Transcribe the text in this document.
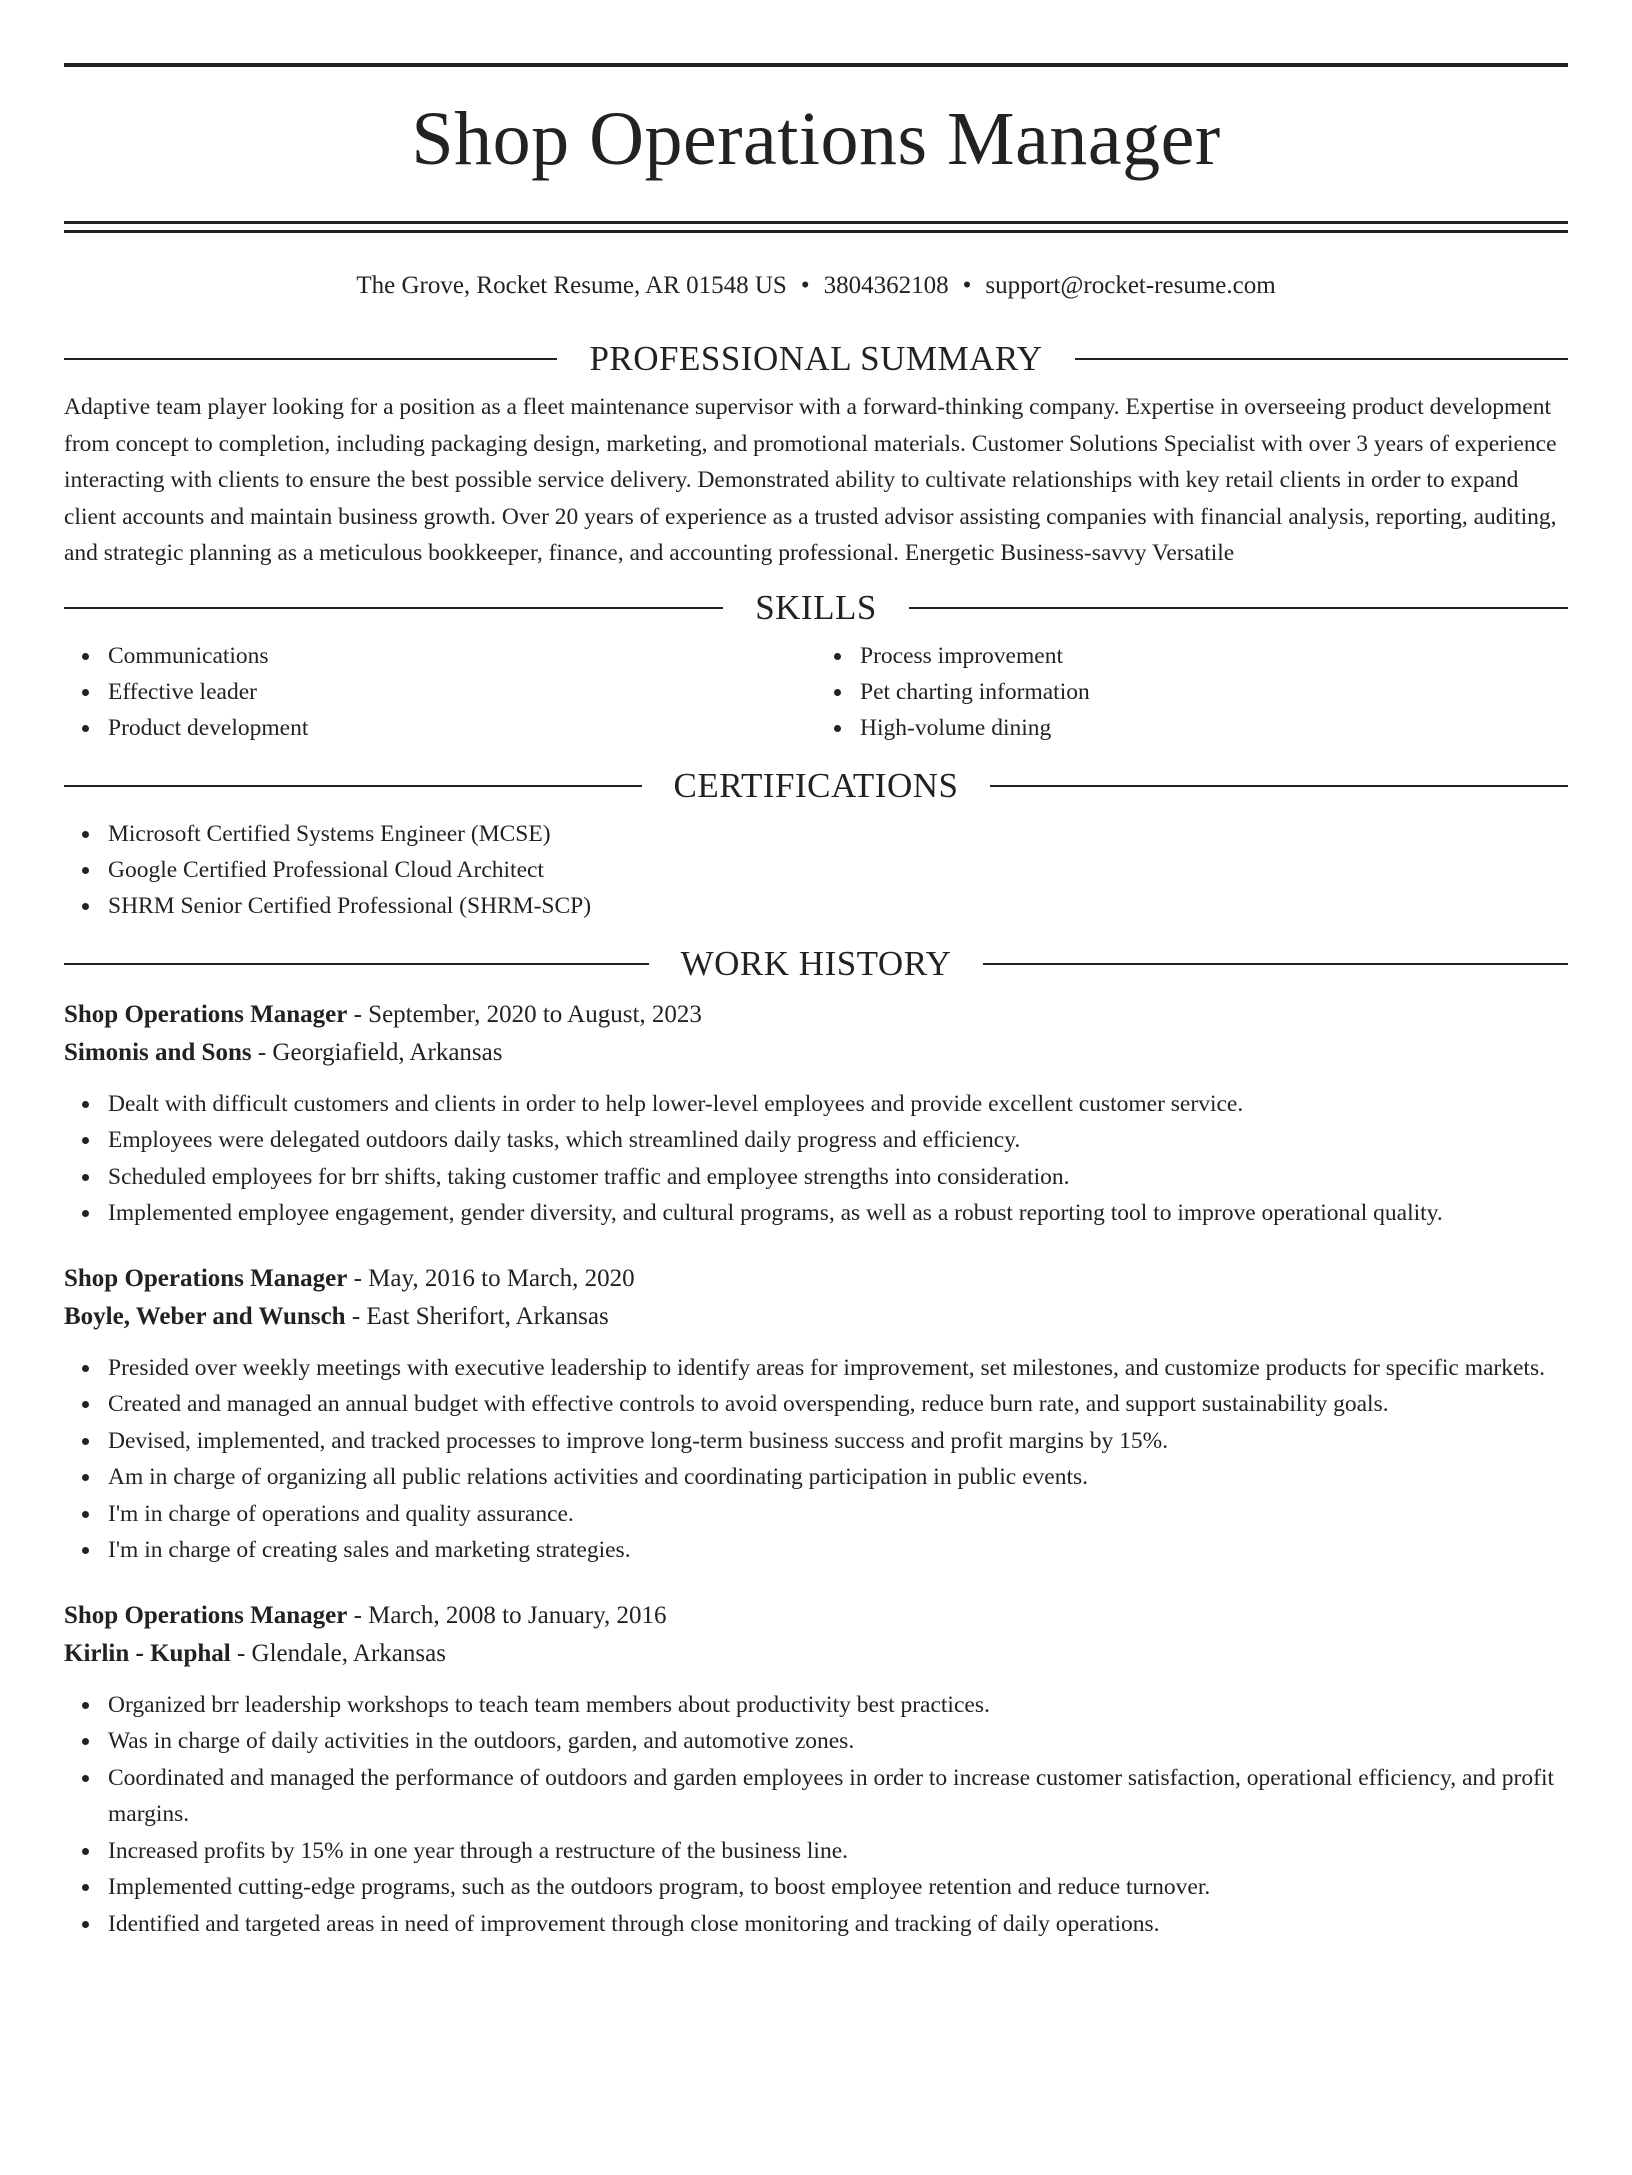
Shop Operations Manager
The Grove, Rocket Resume, AR 01548 US • 3804362108 • support@rocket-resume.com
PROFESSIONAL SUMMARY

Adaptive team player looking for a position as a fleet maintenance supervisor with a forward-thinking company. Expertise in overseeing product development from concept to completion, including packaging design, marketing, and promotional materials. Customer Solutions Specialist with over 3 years of experience interacting with clients to ensure the best possible service delivery. Demonstrated ability to cultivate relationships with key retail clients in order to expand client accounts and maintain business growth. Over 20 years of experience as a trusted advisor assisting companies with financial analysis, reporting, auditing, and strategic planning as a meticulous bookkeeper, finance, and accounting professional. Energetic Business-savvy Versatile

SKILLS
Communications
Effective leader
Product development
Process improvement
Pet charting information
High-volume dining
CERTIFICATIONS
Microsoft Certified Systems Engineer (MCSE)
Google Certified Professional Cloud Architect
SHRM Senior Certified Professional (SHRM-SCP)
WORK HISTORY
Shop Operations Manager - September, 2020 to August, 2023
Simonis and Sons - Georgiafield, Arkansas
Dealt with difficult customers and clients in order to help lower-level employees and provide excellent customer service.
Employees were delegated outdoors daily tasks, which streamlined daily progress and efficiency.
Scheduled employees for brr shifts, taking customer traffic and employee strengths into consideration.
Implemented employee engagement, gender diversity, and cultural programs, as well as a robust reporting tool to improve operational quality.
Shop Operations Manager - May, 2016 to March, 2020
Boyle, Weber and Wunsch - East Sherifort, Arkansas
Presided over weekly meetings with executive leadership to identify areas for improvement, set milestones, and customize products for specific markets.
Created and managed an annual budget with effective controls to avoid overspending, reduce burn rate, and support sustainability goals.
Devised, implemented, and tracked processes to improve long-term business success and profit margins by 15%.
Am in charge of organizing all public relations activities and coordinating participation in public events.
I'm in charge of operations and quality assurance.
I'm in charge of creating sales and marketing strategies.
Shop Operations Manager - March, 2008 to January, 2016
Kirlin - Kuphal - Glendale, Arkansas
Organized brr leadership workshops to teach team members about productivity best practices.
Was in charge of daily activities in the outdoors, garden, and automotive zones.
Coordinated and managed the performance of outdoors and garden employees in order to increase customer satisfaction, operational efficiency, and profit margins.
Increased profits by 15% in one year through a restructure of the business line.
Implemented cutting-edge programs, such as the outdoors program, to boost employee retention and reduce turnover.
Identified and targeted areas in need of improvement through close monitoring and tracking of daily operations.
